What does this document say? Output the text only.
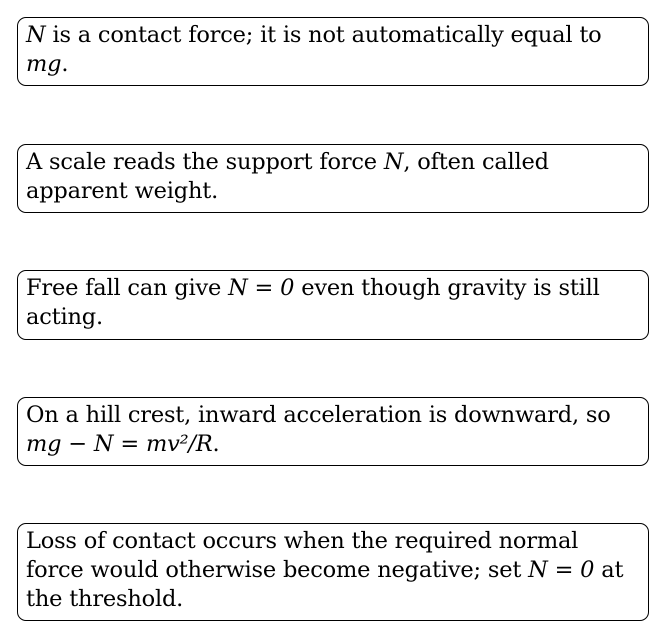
N is a contact force; it is not automatically equal to mg.
A scale reads the support force N, often called apparent weight.
Free fall can give N = 0 even though gravity is still acting.
On a hill crest, inward acceleration is downward, so mg − N = mv²/R.
Loss of contact occurs when the required normal force would otherwise become negative; set N = 0 at the threshold.
